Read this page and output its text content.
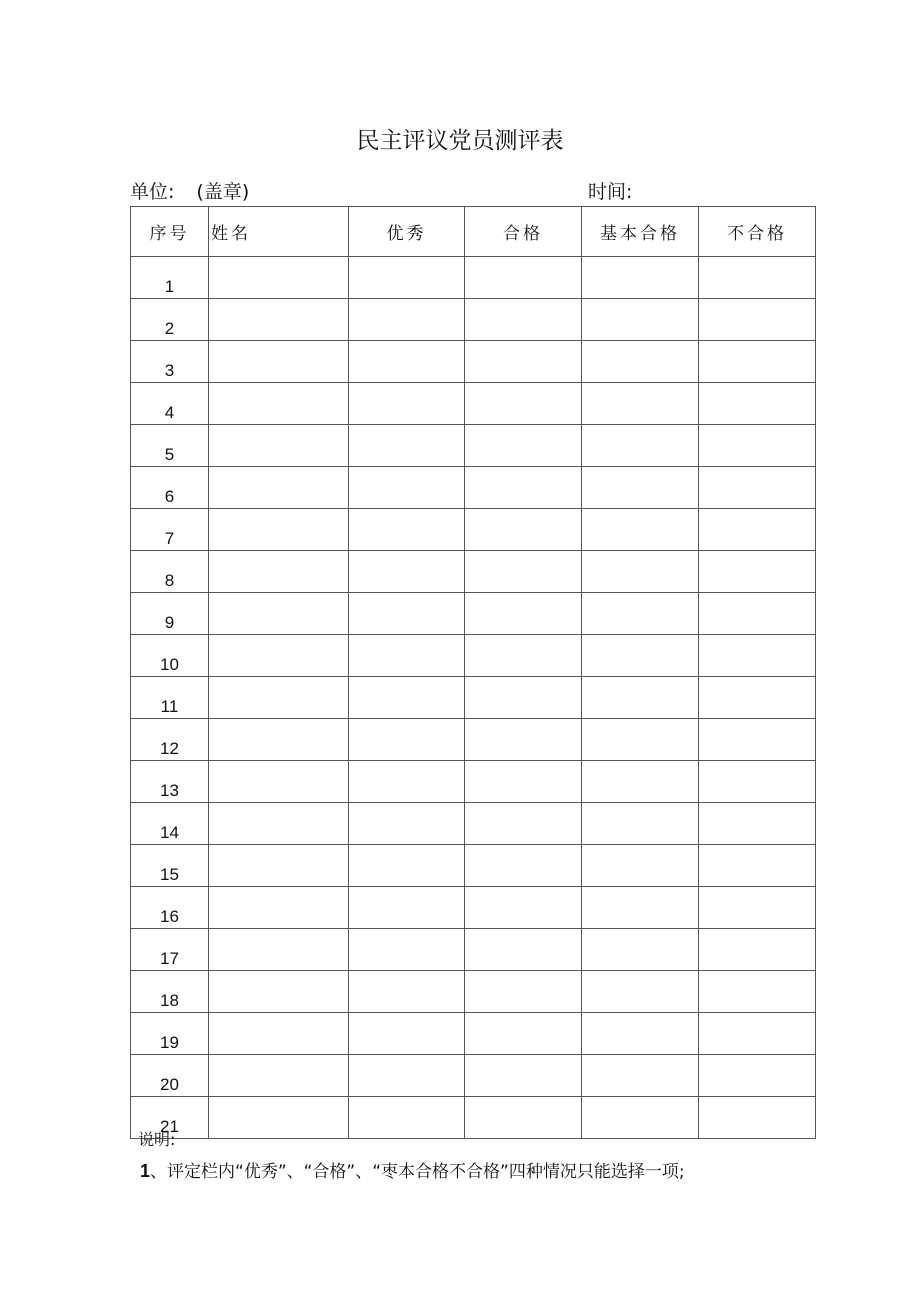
民主评议党员测评表
单位: (盖章)	时间:
序号	姓名	优秀	合格	基本合格	不合格
1					
2					
3					
4					
5					
6					
7					
8					
9					
10					
11					
12					
13					
14					
15					
16					
17					
18					
19					
20					
21					
说明:
1、评定栏内“优秀”、“合格”、“枣本合格不合格”四种情况只能选择一项;
